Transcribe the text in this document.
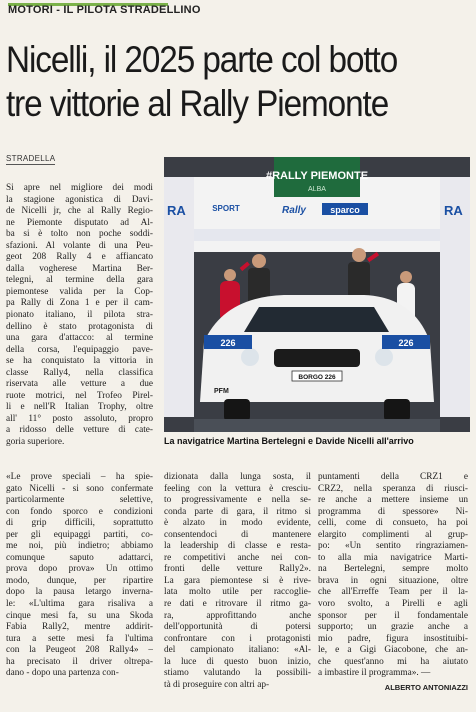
MOTORI - IL PILOTA STRADELLINO
Nicelli, il 2025 parte col botto
tre vittorie al Rally Piemonte
STRADELLA
Si apre nel migliore dei modi
la stagione agonistica di Davi-
de Nicelli jr, che al Rally Regio-
ne Piemonte disputato ad Al-
ba si è tolto non poche soddi-
sfazioni. Al volante di una Peu-
geot 208 Rally 4 e affiancato
dalla vogherese Martina Ber-
telegni, al termine della gara
piemontese valida per la Cop-
pa Rally di Zona 1 e per il cam-
pionato italiano, il pilota stra-
dellino è stato protagonista di
una gara d'attacco: al termine
della corsa, l'equipaggio pave-
se ha conquistato la vittoria in
classe Rally4, nella classifica
riservata alle vetture a due
ruote motrici, nel Trofeo Pirel-
li e nell'R Italian Trophy, oltre
all' 11° posto assoluto, propro
a ridosso delle vetture di cate-
goria superiore.
«Le prove speciali – ha spie-
gato Nicelli - si sono confermate
particolarmente selettive,
con fondo sporco e condizioni
di grip difficili, soprattutto
per gli equipaggi partiti, co-
me noi, più indietro; abbiamo
comunque saputo adattarci,
prova dopo prova» Un ottimo
modo, dunque, per ripartire
dopo la pausa letargo inverna-
le: «L'ultima gara risaliva a
cinque mesi fa, su una Skoda
Fabia Rally2, mentre addirit-
tura a sette mesi fa l'ultima
con la Peugeot 208 Rally4» –
ha precisato il driver oltrepa-
dano - dopo una partenza con-
dizionata dalla lunga sosta, il
feeling con la vettura è cresciu-
to progressivamente e nella se-
conda parte di gara, il ritmo si
è alzato in modo evidente,
consentendoci di mantenere
la leadership di classe e resta-
re competitivi anche nei con-
fronti delle vetture Rally2».
La gara piemontese si è rive-
lata molto utile per raccoglie-
re dati e ritrovare il ritmo ga-
ra, approfittando anche
dell'opportunità di potersi
confrontare con i protagonisti
del campionato italiano: «Al-
la luce di questo buon inizio,
stiamo valutando la possibili-
tà di proseguire con altri ap-
puntamenti della CRZ1 e
CRZ2, nella speranza di riusci-
re anche a mettere insieme un
programma di spessore» Ni-
celli, come di consueto, ha poi
elargito complimenti al grup-
po: «Un sentito ringraziamen-
to alla mia navigatrice Marti-
na Bertelegni, sempre molto
brava in ogni situazione, oltre
che all'Erreffe Team per il la-
voro svolto, a Pirelli e agli
sponsor per il fondamentale
supporto; un grazie anche a
mio padre, figura insostituibi-
le, e a Gigi Giacobone, che an-
che quest'anno mi ha aiutato
a imbastire il programma». —
ALBERTO ANTONIAZZI
RA	RA
#RALLY PIEMONTE
ALBA
SPORT	Rally	sparco
226	226
BORGO 226
PFM
La navigatrice Martina Bertelegni e Davide Nicelli all'arrivo
